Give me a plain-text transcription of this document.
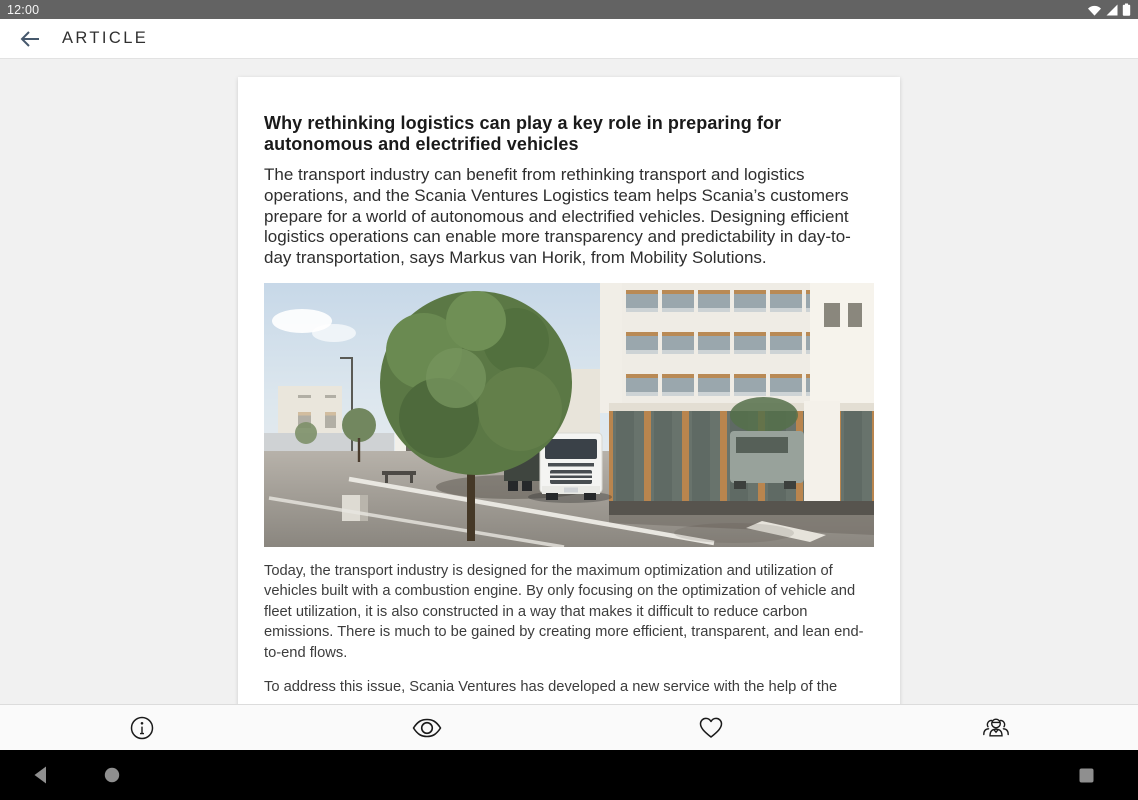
12:00
ARTICLE
Why rethinking logistics can play a key role in preparing for autonomous and electrified vehicles

The transport industry can benefit from rethinking transport and logistics operations, and the Scania Ventures Logistics team helps Scania’s customers prepare for a world of autonomous and electrified vehicles. Designing efficient logistics operations can enable more transparency and predictability in day-to-day transportation, says Markus van Horik, from Mobility Solutions.

Today, the transport industry is designed for the maximum optimization and utilization of vehicles built with a combustion engine. By only focusing on the optimization of vehicle and fleet utilization, it is also constructed in a way that makes it difficult to reduce carbon emissions. There is much to be gained by creating more efficient, transparent, and lean end-to-end flows.

To address this issue, Scania Ventures has developed a new service with the help of the
